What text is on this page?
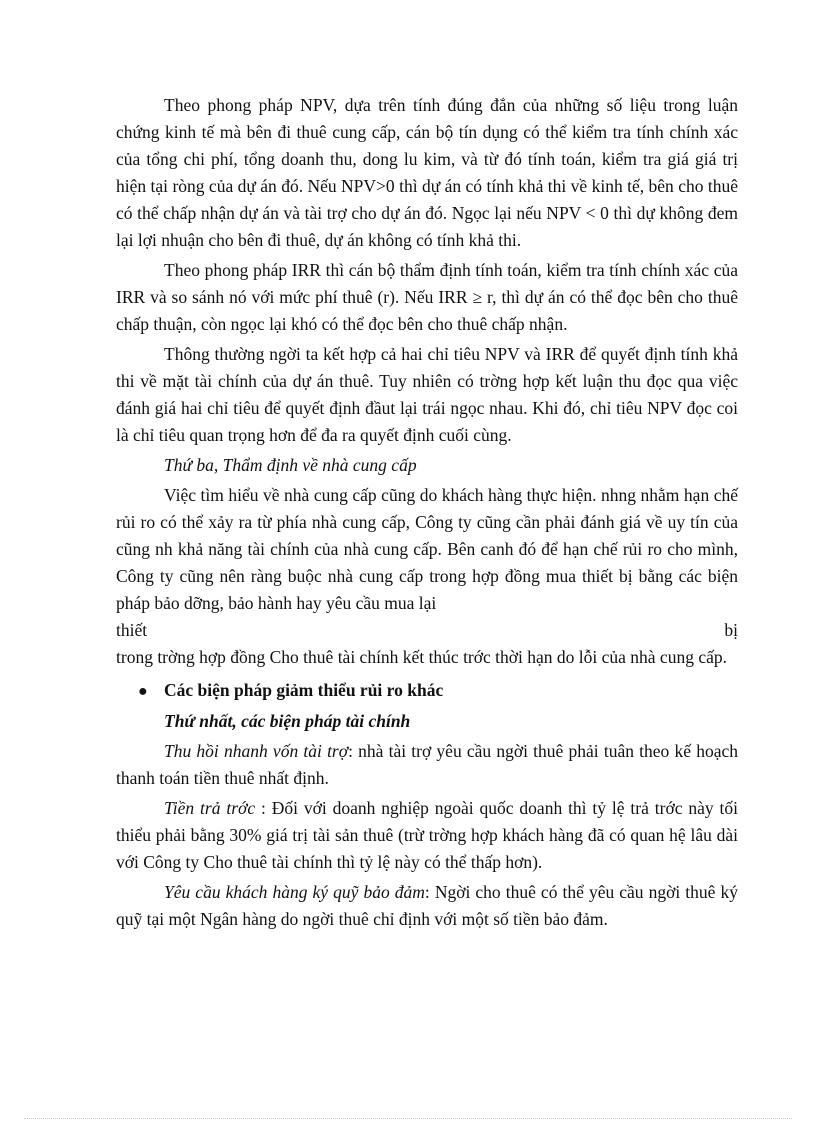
Theo phong pháp NPV, dựa trên tính đúng đắn của những số liệu trong luận chứng kinh tế mà bên đi thuê cung cấp, cán bộ tín dụng có thể kiểm tra tính chính xác của tổng chi phí, tổng doanh thu, dong lu kim, và từ đó tính toán, kiểm tra giá giá trị hiện tại ròng của dự án đó. Nếu NPV>0 thì dự án có tính khả thi về kinh tế, bên cho thuê có thể chấp nhận dự án và tài trợ cho dự án đó. Ngọc lại nếu NPV < 0 thì dự không đem lại lợi nhuận cho bên đi thuê, dự án không có tính khả thi.

Theo phong pháp IRR thì cán bộ thẩm định tính toán, kiểm tra tính chính xác của IRR và so sánh nó với mức phí thuê (r). Nếu IRR ≥ r, thì dự án có thể đọc bên cho thuê chấp thuận, còn ngọc lại khó có thể đọc bên cho thuê chấp nhận.

Thông thường ngời ta kết hợp cả hai chỉ tiêu NPV và IRR để quyết định tính khả thi về mặt tài chính của dự án thuê. Tuy nhiên có trờng hợp kết luận thu đọc qua việc đánh giá hai chỉ tiêu để quyết định đầut lại trái ngọc nhau. Khi đó, chỉ tiêu NPV đọc coi là chỉ tiêu quan trọng hơn để đa ra quyết định cuối cùng.

Thứ ba, Thẩm định về nhà cung cấp

Việc tìm hiểu về nhà cung cấp cũng do khách hàng thực hiện. nhng nhằm hạn chế rủi ro có thể xảy ra từ phía nhà cung cấp, Công ty cũng cần phải đánh giá về uy tín của cũng nh khả năng tài chính của nhà cung cấp. Bên canh đó để hạn chế rủi ro cho mình, Công ty cũng nên ràng buộc nhà cung cấp trong hợp đồng mua thiết bị bằng các biện pháp bảo dỡng, bảo hành hay yêu cầu mua lại

thiết	bị

trong trờng hợp đồng Cho thuê tài chính kết thúc trớc thời hạn do lỗi của nhà cung cấp.

● Các biện pháp giảm thiểu rủi ro khác

Thứ nhất, các biện pháp tài chính

Thu hồi nhanh vốn tài trợ: nhà tài trợ yêu cầu ngời thuê phải tuân theo kế hoạch thanh toán tiền thuê nhất định.

Tiền trả trớc : Đối với doanh nghiệp ngoài quốc doanh thì tỷ lệ trả trớc này tối thiểu phải bằng 30% giá trị tài sản thuê (trừ trờng hợp khách hàng đã có quan hệ lâu dài với Công ty Cho thuê tài chính thì tỷ lệ này có thể thấp hơn).

Yêu cầu khách hàng ký quỹ bảo đảm: Ngời cho thuê có thể yêu cầu ngời thuê ký quỹ tại một Ngân hàng do ngời thuê chỉ định với một số tiền bảo đảm.
